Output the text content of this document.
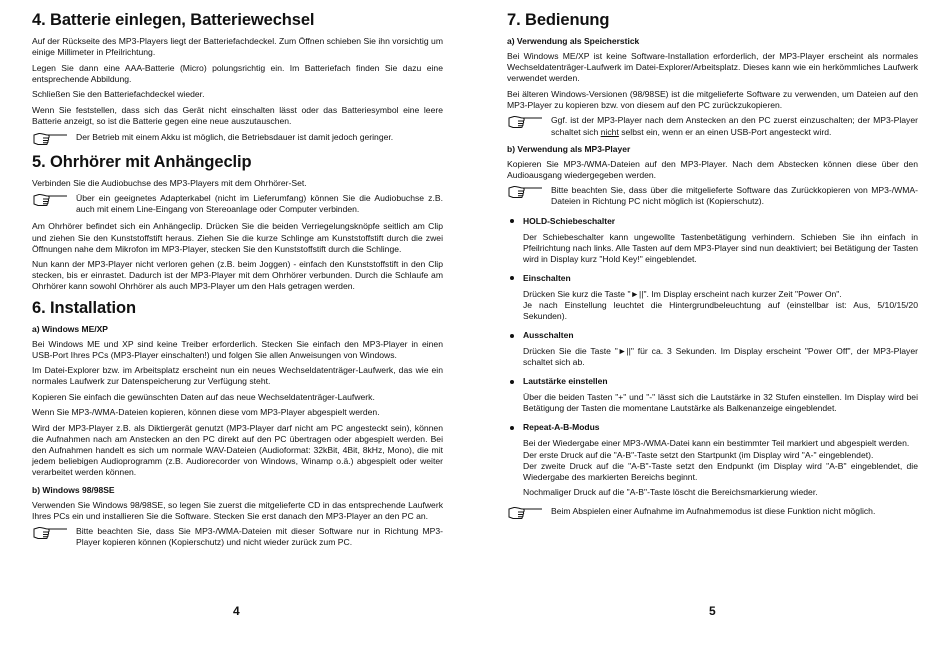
4. Batterie einlegen, Batteriewechsel

Auf der Rückseite des MP3-Players liegt der Batteriefachdeckel. Zum Öffnen schieben Sie ihn vorsichtig um einige Millimeter in Pfeilrichtung.

Legen Sie dann eine AAA-Batterie (Micro) polungsrichtig ein. Im Batteriefach finden Sie dazu eine entsprechende Abbildung.

Schließen Sie den Batteriefachdeckel wieder.

Wenn Sie feststellen, dass sich das Gerät nicht einschalten lässt oder das Batteriesymbol eine leere Batterie anzeigt, so ist die Batterie gegen eine neue auszutauschen.

Der Betrieb mit einem Akku ist möglich, die Betriebsdauer ist damit jedoch geringer.

5. Ohrhörer mit Anhängeclip

Verbinden Sie die Audiobuchse des MP3-Players mit dem Ohrhörer-Set.

Über ein geeignetes Adapterkabel (nicht im Lieferumfang) können Sie die Audiobuchse z.B. auch mit einem Line-Eingang von Stereoanlage oder Computer verbinden.

Am Ohrhörer befindet sich ein Anhängeclip. Drücken Sie die beiden Verriegelungsknöpfe seitlich am Clip und ziehen Sie den Kunststoffstift heraus. Ziehen Sie die kurze Schlinge am Kunststoffstift durch die zwei Öffnungen nahe dem Mikrofon im MP3-Player, stecken Sie den Kunststoffstift durch die Schlinge.

Nun kann der MP3-Player nicht verloren gehen (z.B. beim Joggen) - einfach den Kunststoffstift in den Clip stecken, bis er einrastet. Dadurch ist der MP3-Player mit dem Ohrhörer verbunden. Durch die Schlaufe am Ohrhörer kann sowohl Ohrhörer als auch MP3-Player um den Hals getragen werden.

6. Installation
a) Windows ME/XP

Bei Windows ME und XP sind keine Treiber erforderlich. Stecken Sie einfach den MP3-Player in einen USB-Port Ihres PCs (MP3-Player einschalten!) und folgen Sie allen Anweisungen von Windows.

Im Datei-Explorer bzw. im Arbeitsplatz erscheint nun ein neues Wechseldatenträger-Laufwerk, das wie ein normales Laufwerk zur Datenspeicherung zur Verfügung steht.

Kopieren Sie einfach die gewünschten Daten auf das neue Wechseldatenträger-Laufwerk.

Wenn Sie MP3-/WMA-Dateien kopieren, können diese vom MP3-Player abgespielt werden.

Wird der MP3-Player z.B. als Diktiergerät genutzt (MP3-Player darf nicht am PC angesteckt sein), können die Aufnahmen nach am Anstecken an den PC direkt auf den PC übertragen oder abgespielt werden. Bei den Aufnahmen handelt es sich um normale WAV-Dateien (Audioformat: 32kBit, 4Bit, 8kHz, Mono), die mit jedem beliebigen Audioprogramm (z.B. Audiorecorder von Windows, Winamp o.ä.) abgespielt oder weiter verarbeitet werden können.

b) Windows 98/98SE

Verwenden Sie Windows 98/98SE, so legen Sie zuerst die mitgelieferte CD in das entsprechende Laufwerk Ihres PCs ein und installieren Sie die Software. Stecken Sie erst danach den MP3-Player an den PC an.

Bitte beachten Sie, dass Sie MP3-/WMA-Dateien mit dieser Software nur in Richtung MP3-Player kopieren können (Kopierschutz) und nicht wieder zurück zum PC.

4
7. Bedienung
a) Verwendung als Speicherstick

Bei Windows ME/XP ist keine Software-Installation erforderlich, der MP3-Player erscheint als normales Wechseldatenträger-Laufwerk im Datei-Explorer/Arbeitsplatz. Dieses kann wie ein herkömmliches Laufwerk verwendet werden.

Bei älteren Windows-Versionen (98/98SE) ist die mitgelieferte Software zu verwenden, um Dateien auf den MP3-Player zu kopieren bzw. von diesem auf den PC zurückzukopieren.

Ggf. ist der MP3-Player nach dem Anstecken an den PC zuerst einzuschalten; der MP3-Player schaltet sich nicht selbst ein, wenn er an einen USB-Port angesteckt wird.

b) Verwendung als MP3-Player

Kopieren Sie MP3-/WMA-Dateien auf den MP3-Player. Nach dem Abstecken können diese über den Audioausgang wiedergegeben werden.

Bitte beachten Sie, dass über die mitgelieferte Software das Zurückkopieren von MP3-/WMA-Dateien in Richtung PC nicht möglich ist (Kopierschutz).

HOLD-Schiebeschalter

Der Schiebeschalter kann ungewollte Tastenbetätigung verhindern. Schieben Sie ihn einfach in Pfeilrichtung nach links. Alle Tasten auf dem MP3-Player sind nun deaktiviert; bei Betätigung der Tasten wird in Display kurz "Hold Key!" eingeblendet.

Einschalten

Drücken Sie kurz die Taste "►||". Im Display erscheint nach kurzer Zeit "Power On".
Je nach Einstellung leuchtet die Hintergrundbeleuchtung auf (einstellbar ist: Aus, 5/10/15/20 Sekunden).

Ausschalten

Drücken Sie die Taste "►||" für ca. 3 Sekunden. Im Display erscheint "Power Off", der MP3-Player schaltet sich ab.

Lautstärke einstellen

Über die beiden Tasten "+" und "-" lässt sich die Lautstärke in 32 Stufen einstellen. Im Display wird bei Betätigung der Tasten die momentane Lautstärke als Balkenanzeige eingeblendet.

Repeat-A-B-Modus

Bei der Wiedergabe einer MP3-/WMA-Datei kann ein bestimmter Teil markiert und abgespielt werden.
Der erste Druck auf die "A-B"-Taste setzt den Startpunkt (im Display wird "A-" eingeblendet).
Der zweite Druck auf die "A-B"-Taste setzt den Endpunkt (im Display wird "A-B" eingeblendet, die Wiedergabe des markierten Bereichs beginnt.

Nochmaliger Druck auf die "A-B"-Taste löscht die Bereichsmarkierung wieder.

Beim Abspielen einer Aufnahme im Aufnahmemodus ist diese Funktion nicht möglich.

5
